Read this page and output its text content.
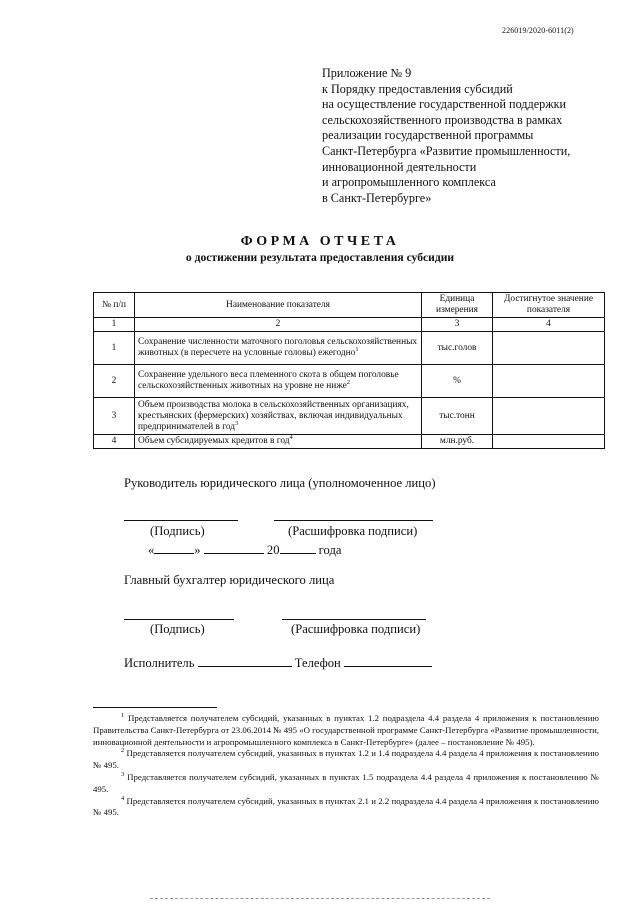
226019/2020-6011(2)
Приложение № 9
к Порядку предоставления субсидий
на осуществление государственной поддержки
сельскохозяйственного производства в рамках
реализации государственной программы
Санкт-Петербурга «Развитие промышленности,
инновационной деятельности
и агропромышленного комплекса
в Санкт-Петербурге»
ФОРМА ОТЧЕТА
о достижении результата предоставления субсидии
№ п/п	Наименование показателя	Единица измерения	Достигнутое значение показателя
1	2	3	4
1	Сохранение численности маточного поголовья сельскохозяйственных животных (в пересчете на условные головы) ежегодно$^1$	тыс.голов	
2	Сохранение удельного веса племенного скота в общем поголовье сельскохозяйственных животных на уровне не ниже$^2$	%	
3	Объем производства молока в сельскохозяйственных организациях, крестьянских (фермерских) хозяйствах, включая индивидуальных предпринимателей в год$^3$	тыс.тонн	
4	Объем субсидируемых кредитов в год$^4$	млн.руб.	
Руководитель юридического лица (уполномоченное лицо)
(Подпись)	(Расшифровка подписи)
«	»	20	года
Главный бухгалтер юридического лица
(Подпись)	(Расшифровка подписи)
Исполнитель	Телефон

$^1$ Представляется получателем субсидий, указанных в пунктах 1.2 подраздела 4.4 раздела 4 приложения к постановлению Правительства Санкт-Петербурга от 23.06.2014 № 495 «О государственной программе Санкт-Петербурга «Развитие промышленности, инновационной деятельности и агропромышленного комплекса в Санкт-Петербурге» (далее – постановление № 495).

$^2$ Представляется получателем субсидий, указанных в пунктах 1.2 и 1.4 подраздела 4.4 раздела 4 приложения к постановлению № 495.

$^3$ Представляется получателем субсидий, указанных в пунктах 1.5 подраздела 4.4 раздела 4 приложения к постановлению № 495.

$^4$ Представляется получателем субсидий, указанных в пунктах 2.1 и 2.2 подраздела 4.4 раздела 4 приложения к постановлению № 495.
